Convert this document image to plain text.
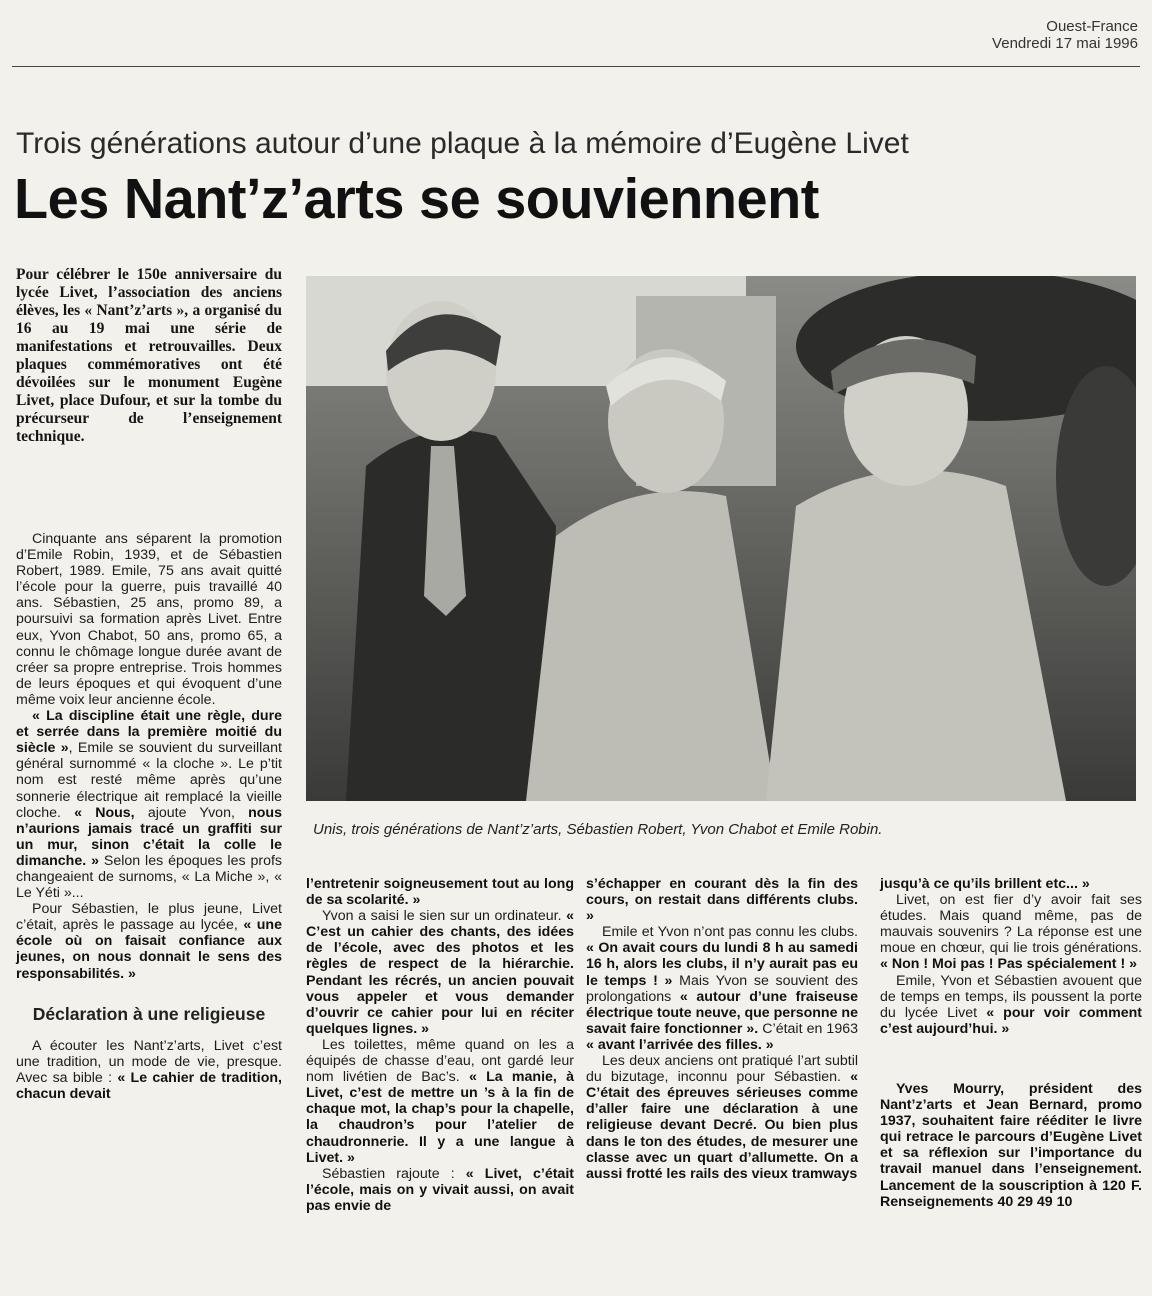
Ouest-France
Vendredi 17 mai 1996
Trois générations autour d’une plaque à la mémoire d’Eugène Livet
Les Nant’z’arts se souviennent
Pour célébrer le 150e anniversaire du lycée Livet, l’association des anciens élèves, les « Nant’z’arts », a organisé du 16 au 19 mai une série de manifestations et retrouvailles. Deux plaques commémoratives ont été dévoilées sur le monument Eugène Livet, place Dufour, et sur la tombe du précurseur de l’enseignement technique.

Cinquante ans séparent la promotion d’Emile Robin, 1939, et de Sébastien Robert, 1989. Emile, 75 ans avait quitté l’école pour la guerre, puis travaillé 40 ans. Sébastien, 25 ans, promo 89, a poursuivi sa formation après Livet. Entre eux, Yvon Chabot, 50 ans, promo 65, a connu le chômage longue durée avant de créer sa propre entreprise. Trois hommes de leurs époques et qui évoquent d’une même voix leur ancienne école.

« La discipline était une règle, dure et serrée dans la première moitié du siècle », Emile se souvient du surveillant général surnommé « la cloche ». Le p’tit nom est resté même après qu’une sonnerie électrique ait remplacé la vieille cloche. « Nous, ajoute Yvon, nous n’aurions jamais tracé un graffiti sur un mur, sinon c’était la colle le dimanche. » Selon les époques les profs changeaient de surnoms, « La Miche », « Le Yéti »...

Pour Sébastien, le plus jeune, Livet c’était, après le passage au lycée, « une école où on faisait confiance aux jeunes, on nous donnait le sens des responsabilités. »

Déclaration à une religieuse

A écouter les Nant’z’arts, Livet c’est une tradition, un mode de vie, presque. Avec sa bible : « Le cahier de tradition, chacun devait

Unis, trois générations de Nant’z’arts, Sébastien Robert, Yvon Chabot et Emile Robin.

l’entretenir soigneusement tout au long de sa scolarité. »

Yvon a saisi le sien sur un ordinateur. « C’est un cahier des chants, des idées de l’école, avec des photos et les règles de respect de la hiérarchie. Pendant les récrés, un ancien pouvait vous appeler et vous demander d’ouvrir ce cahier pour lui en réciter quelques lignes. »

Les toilettes, même quand on les a équipés de chasse d’eau, ont gardé leur nom livétien de Bac’s. « La manie, à Livet, c’est de mettre un ’s à la fin de chaque mot, la chap’s pour la chapelle, la chaudron’s pour l’atelier de chaudronnerie. Il y a une langue à Livet. »

Sébastien rajoute : « Livet, c’était l’école, mais on y vivait aussi, on avait pas envie de

s’échapper en courant dès la fin des cours, on restait dans différents clubs. »

Emile et Yvon n’ont pas connu les clubs. « On avait cours du lundi 8 h au samedi 16 h, alors les clubs, il n’y aurait pas eu le temps ! » Mais Yvon se souvient des prolongations « autour d’une fraiseuse électrique toute neuve, que personne ne savait faire fonctionner ». C’était en 1963 « avant l’arrivée des filles. »

Les deux anciens ont pratiqué l’art subtil du bizutage, inconnu pour Sébastien. « C’était des épreuves sérieuses comme d’aller faire une déclaration à une religieuse devant Decré. Ou bien plus dans le ton des études, de mesurer une classe avec un quart d’allumette. On a aussi frotté les rails des vieux tramways

jusqu’à ce qu’ils brillent etc... »

Livet, on est fier d’y avoir fait ses études. Mais quand même, pas de mauvais souvenirs ? La réponse est une moue en chœur, qui lie trois générations. « Non ! Moi pas ! Pas spécialement ! »

Emile, Yvon et Sébastien avouent que de temps en temps, ils poussent la porte du lycée Livet « pour voir comment c’est aujourd’hui. »

Yves Mourry, président des Nant’z’arts et Jean Bernard, promo 1937, souhaitent faire rééditer le livre qui retrace le parcours d’Eugène Livet et sa réflexion sur l’importance du travail manuel dans l’enseignement. Lancement de la souscription à 120 F. Renseignements 40 29 49 10
